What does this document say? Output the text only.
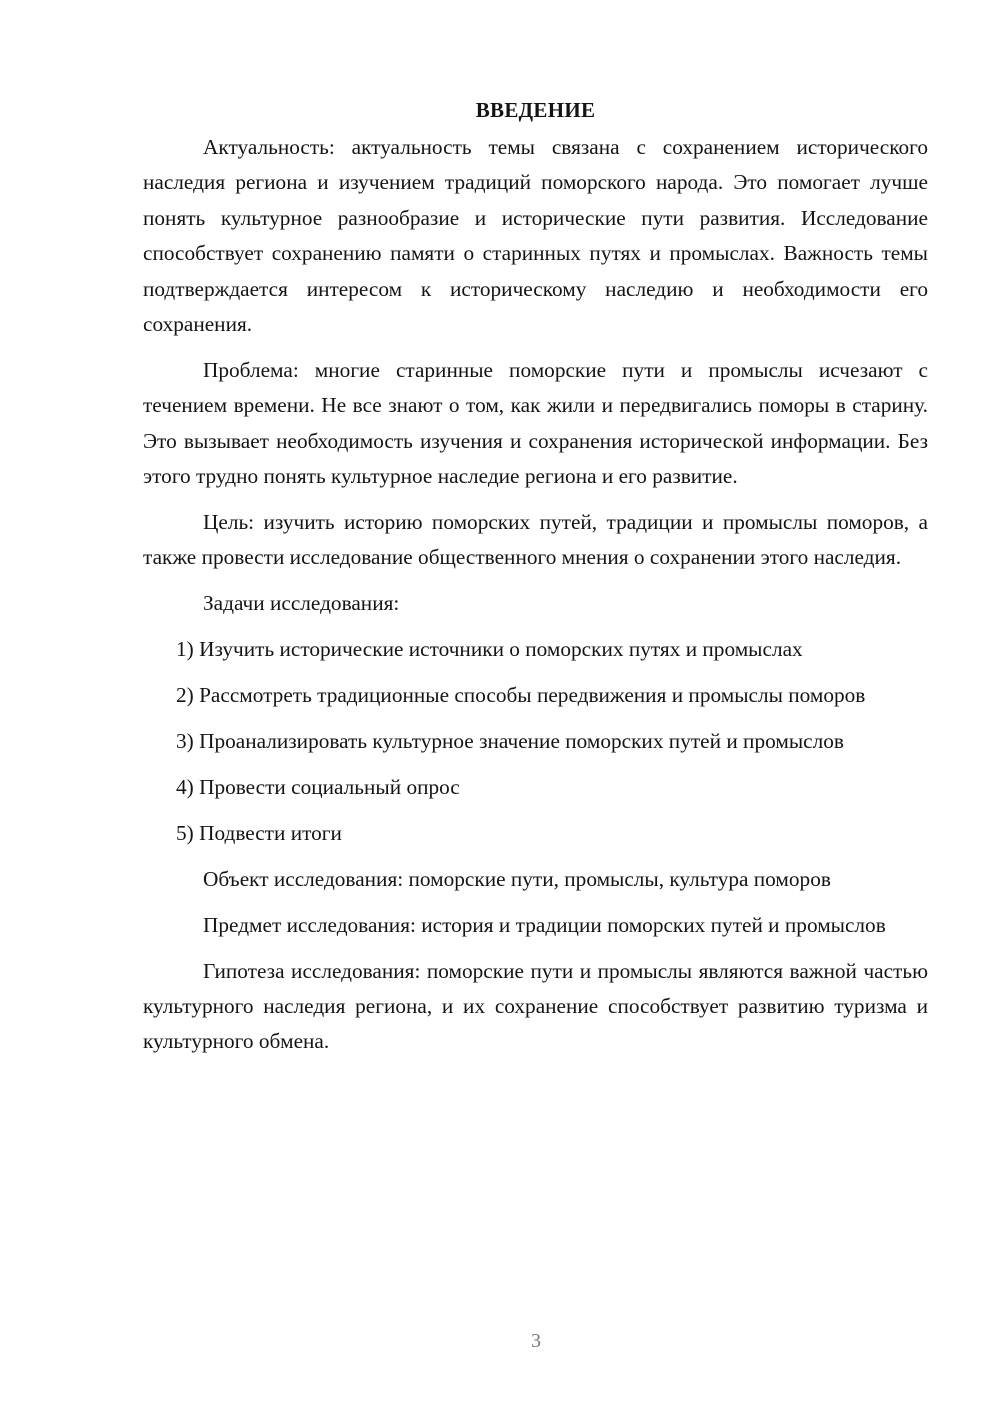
ВВЕДЕНИЕ

Актуальность: актуальность темы связана с сохранением исторического наследия региона и изучением традиций поморского народа. Это помогает лучше понять культурное разнообразие и исторические пути развития. Исследование способствует сохранению памяти о старинных путях и промыслах. Важность темы подтверждается интересом к историческому наследию и необходимости его сохранения.

Проблема: многие старинные поморские пути и промыслы исчезают с течением времени. Не все знают о том, как жили и передвигались поморы в старину. Это вызывает необходимость изучения и сохранения исторической информации. Без этого трудно понять культурное наследие региона и его развитие.

Цель: изучить историю поморских путей, традиции и промыслы поморов, а также провести исследование общественного мнения о сохранении этого наследия.

Задачи исследования:

1) Изучить исторические источники о поморских путях и промыслах

2) Рассмотреть традиционные способы передвижения и промыслы поморов

3) Проанализировать культурное значение поморских путей и промыслов

4) Провести социальный опрос

5) Подвести итоги

Объект исследования: поморские пути, промыслы, культура поморов

Предмет исследования: история и традиции поморских путей и промыслов

Гипотеза исследования: поморские пути и промыслы являются важной частью культурного наследия региона, и их сохранение способствует развитию туризма и культурного обмена.

3
